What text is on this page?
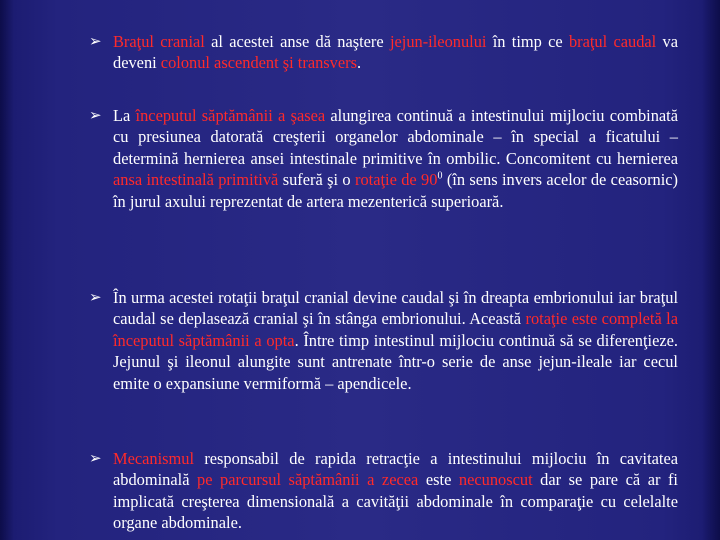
➢ Braţul cranial al acestei anse dă naştere jejun-ileonului în timp ce braţul caudal va deveni colonul ascendent şi transvers.
➢ La începutul săptămânii a şasea alungirea continuă a intestinului mijlociu combinată cu presiunea datorată creşterii organelor abdominale – în special a ficatului – determină hernierea ansei intestinale primitive în ombilic. Concomitent cu hernierea ansa intestinală primitivă suferă şi o rotaţie de $90^0$ (în sens invers acelor de ceasornic) în jurul axului reprezentat de artera mezenterică superioară.
➢ În urma acestei rotaţii braţul cranial devine caudal şi în dreapta embrionului iar braţul caudal se deplasează cranial şi în stânga embrionului. Această rotaţie este completă la începutul săptămânii a opta. Între timp intestinul mijlociu continuă să se diferenţieze. Jejunul şi ileonul alungite sunt antrenate într-o serie de anse jejun-ileale iar cecul emite o expansiune vermiformă – apendicele.
➢ Mecanismul responsabil de rapida retracţie a intestinului mijlociu în cavitatea abdominală pe parcursul săptămânii a zecea este necunoscut dar se pare că ar fi implicată creşterea dimensională a cavităţii abdominale în comparaţie cu celelalte organe abdominale.
